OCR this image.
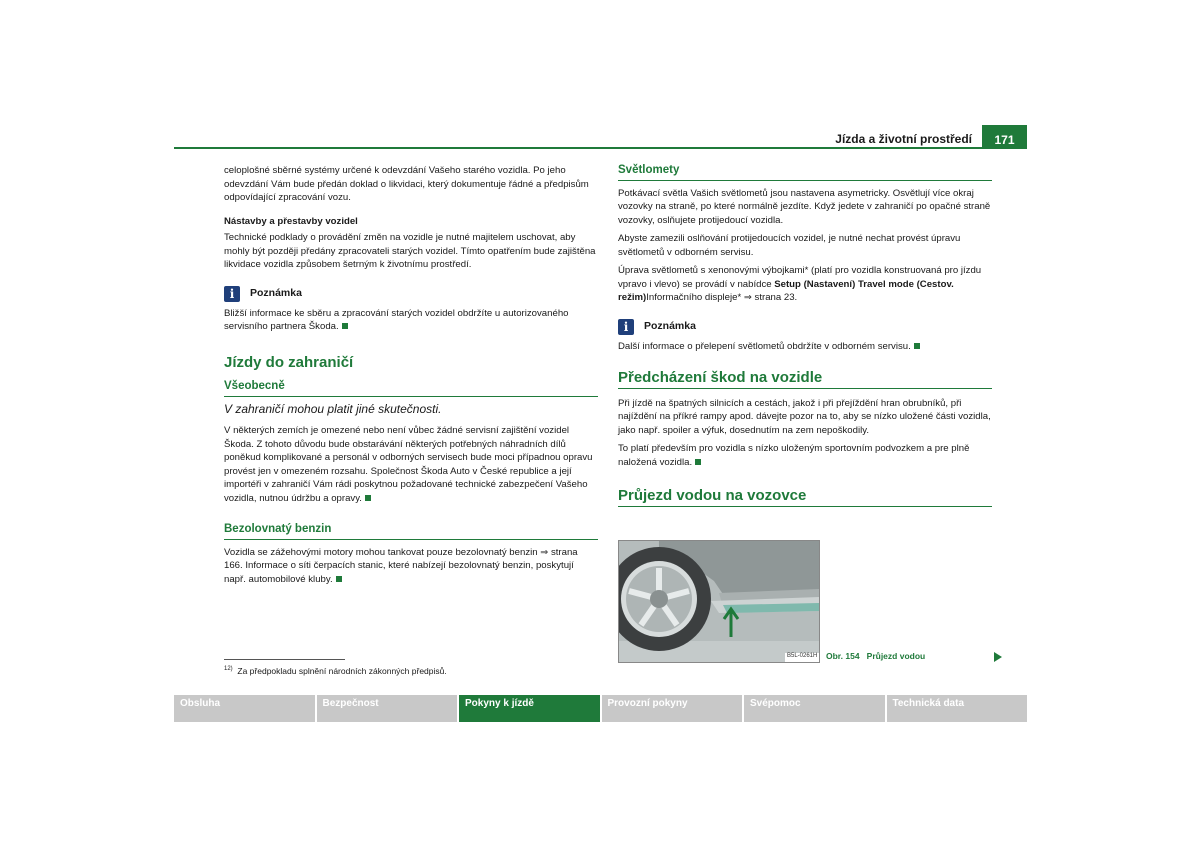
Jízda a životní prostředí	171

celoplošné sběrné systémy určené k odevzdání Vašeho starého vozidla. Po jeho odevzdání Vám bude předán doklad o likvidaci, který dokumentuje řádné a předpisům odpovídající zpracování vozu.

Nástavby a přestavby vozidel

Technické podklady o provádění změn na vozidle je nutné majitelem uschovat, aby mohly být později předány zpracovateli starých vozidel. Tímto opatřením bude zajištěna likvidace vozidla způsobem šetrným k životnímu prostředí.

i	Poznámka

Bližší informace ke sběru a zpracování starých vozidel obdržíte u autorizovaného servisního partnera Škoda.

Jízdy do zahraničí
Všeobecně
V zahraničí mohou platit jiné skutečnosti.

V některých zemích je omezené nebo není vůbec žádné servisní zajištění vozidel Škoda. Z tohoto důvodu bude obstarávání některých potřebných náhradních dílů poněkud komplikované a personál v odborných servisech bude moci případnou opravu provést jen v omezeném rozsahu. Společnost Škoda Auto v České republice a její importéři v zahraničí Vám rádi poskytnou požadované technické zabezpečení Vašeho vozidla, nutnou údržbu a opravy.

Bezolovnatý benzin

Vozidla se zážehovými motory mohou tankovat pouze bezolovnatý benzin ⇒ strana 166. Informace o síti čerpacích stanic, které nabízejí bezolovnatý benzin, poskytují např. automobilové kluby.

Světlomety

Potkávací světla Vašich světlometů jsou nastavena asymetricky. Osvětlují více okraj vozovky na straně, po které normálně jezdíte. Když jedete v zahraničí po opačné straně vozovky, oslňujete protijedoucí vozidla.

Abyste zamezili oslňování protijedoucích vozidel, je nutné nechat provést úpravu světlometů v odborném servisu.

Úprava světlometů s xenonovými výbojkami* (platí pro vozidla konstruovaná pro jízdu vpravo i vlevo) se provádí v nabídce Setup (Nastavení) Travel mode (Cestov. režim)Informačního displeje* ⇒ strana 23.

i	Poznámka

Další informace o přelepení světlometů obdržíte v odborném servisu.

Předcházení škod na vozidle

Při jízdě na špatných silnicích a cestách, jakož i při přejíždění hran obrubníků, při najíždění na příkré rampy apod. dávejte pozor na to, aby se nízko uložené části vozidla, jako např. spoiler a výfuk, dosednutím na zem nepoškodily.

To platí především pro vozidla s nízko uloženým sportovním podvozkem a pre plně naložená vozidla.

Průjezd vodou na vozovce
B5L-0261H Obr. 154 Průjezd vodou
$^{12)}$ Za předpokladu splnění národních zákonných předpisů.
Obsluha	Bezpečnost	Pokyny k jízdě	Provozní pokyny	Svépomoc	Technická data
